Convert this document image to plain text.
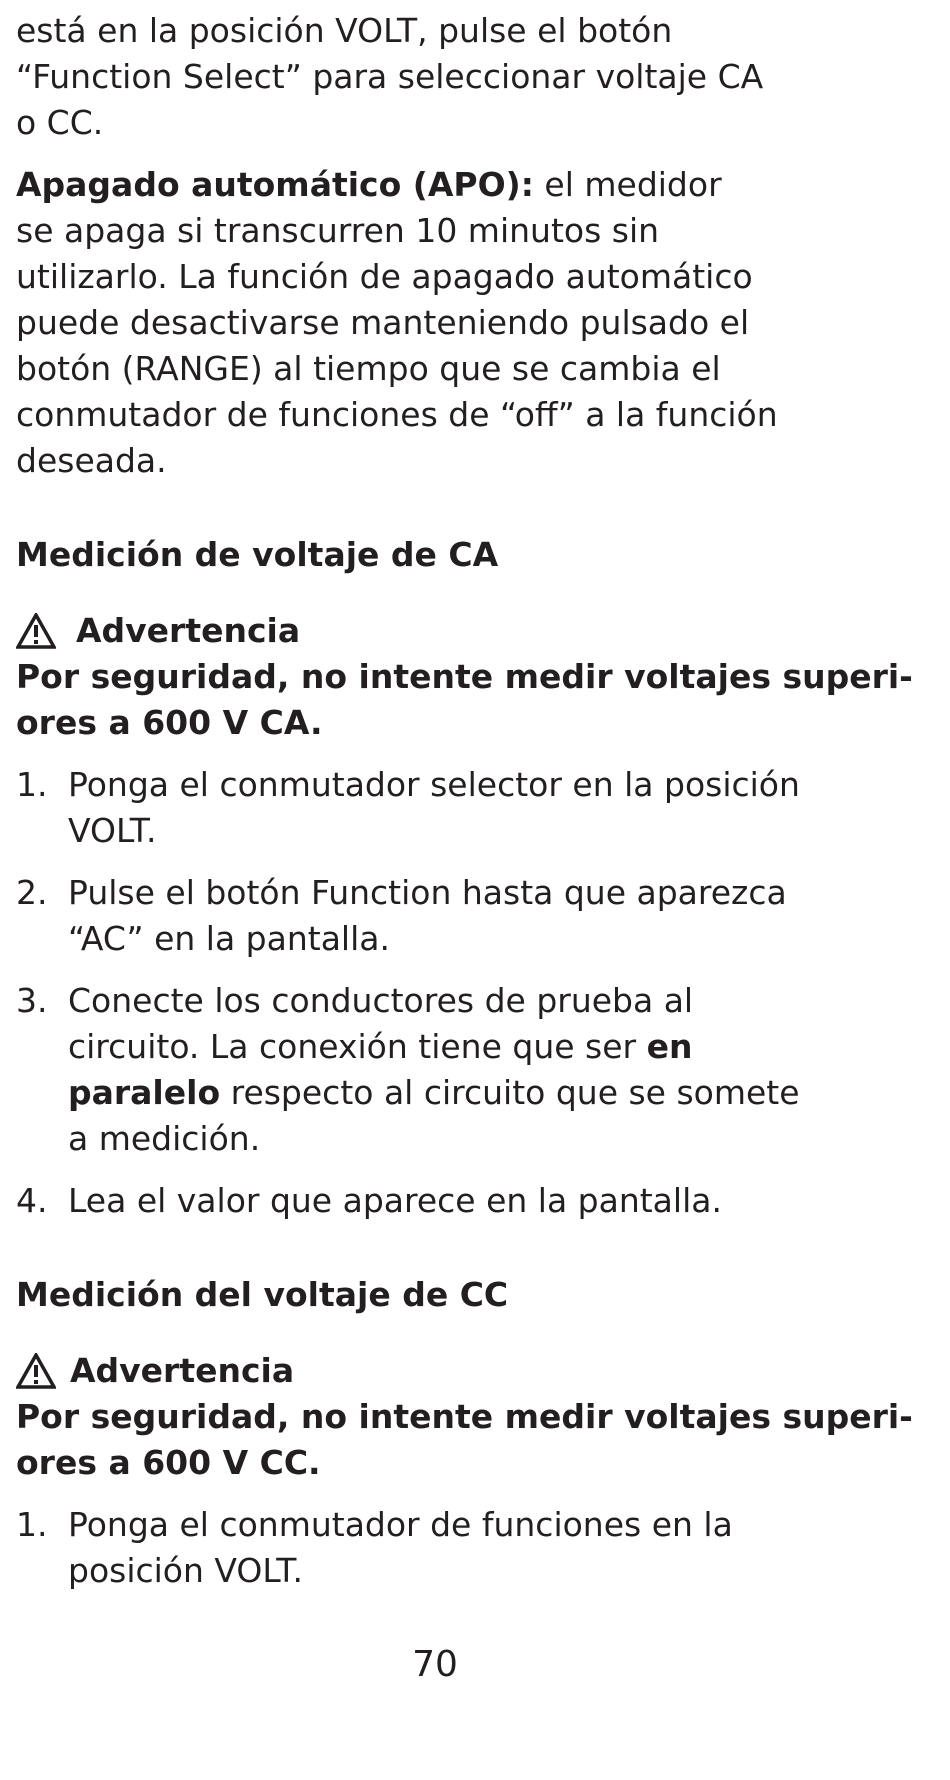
está en la posición VOLT, pulse el botón
“Function Select” para seleccionar voltaje CA
o CC.

Apagado automático (APO): el medidor
se apaga si transcurren 10 minutos sin
utilizarlo. La función de apagado automático
puede desactivarse manteniendo pulsado el
botón (RANGE) al tiempo que se cambia el
conmutador de funciones de “off” a la función
deseada.

Medición de voltaje de CA
Advertencia

Por seguridad, no intente medir voltajes superi-
ores a 600 V CA.

1. Ponga el conmutador selector en la posición
VOLT.
2. Pulse el botón Function hasta que aparezca
“AC” en la pantalla.
3. Conecte los conductores de prueba al
circuito. La conexión tiene que ser en
paralelo respecto al circuito que se somete
a medición.
4. Lea el valor que aparece en la pantalla.
Medición del voltaje de CC
Advertencia

Por seguridad, no intente medir voltajes superi-
ores a 600 V CC.

1. Ponga el conmutador de funciones en la
posición VOLT.
70
